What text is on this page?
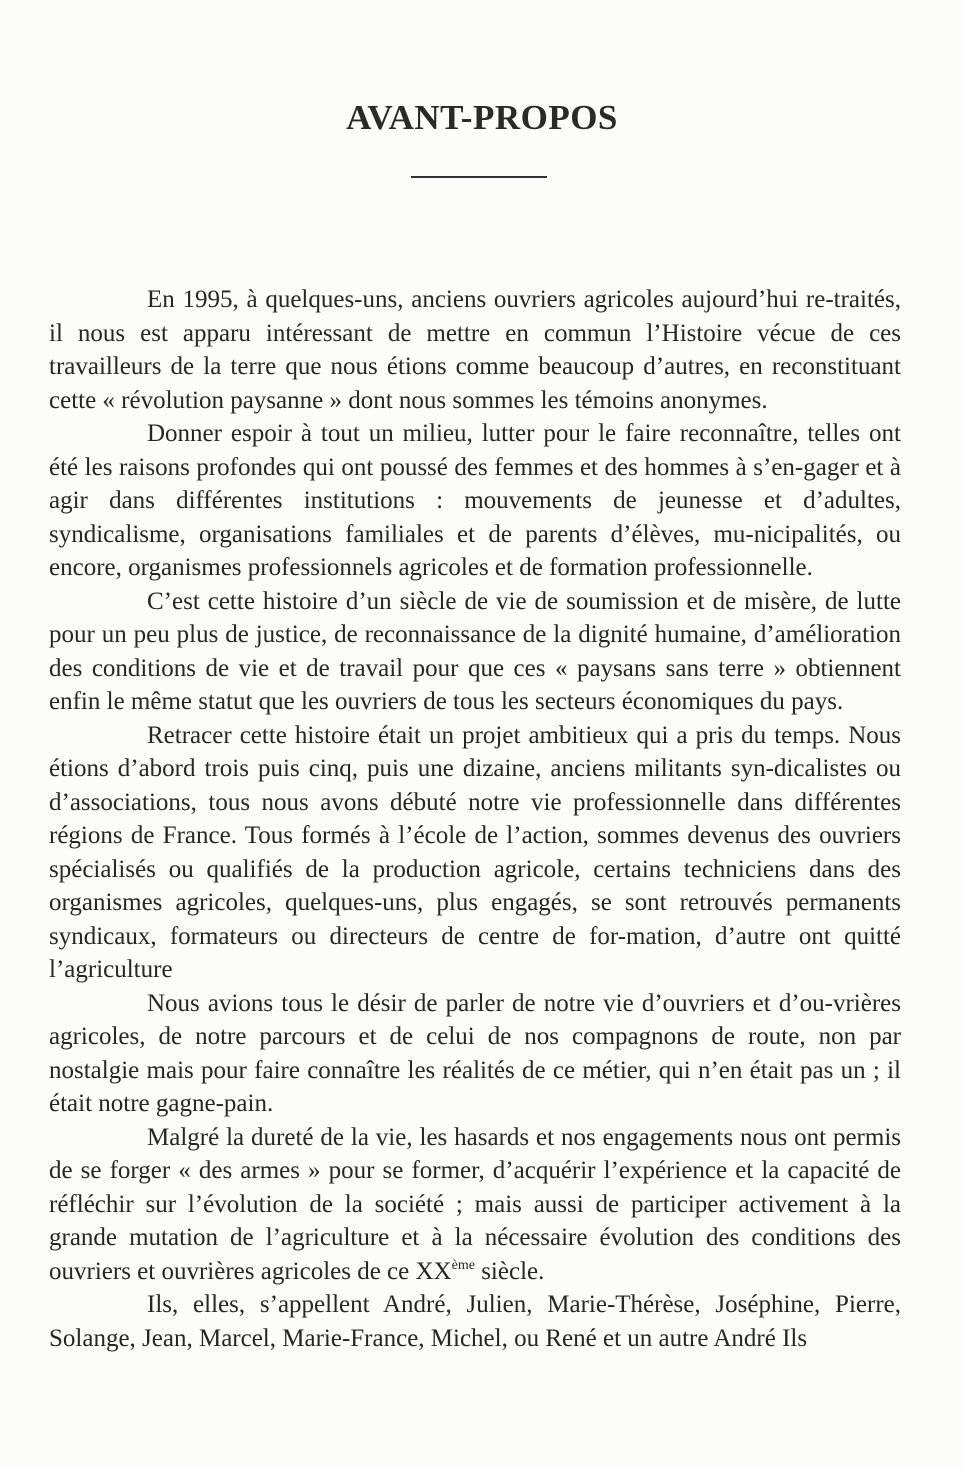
AVANT-PROPOS

En 1995, à quelques-uns, anciens ouvriers agricoles aujourd’hui re-traités, il nous est apparu intéressant de mettre en commun l’Histoire vécue de ces travailleurs de la terre que nous étions comme beaucoup d’autres, en reconstituant cette « révolution paysanne » dont nous sommes les témoins anonymes.

Donner espoir à tout un milieu, lutter pour le faire reconnaître, telles ont été les raisons profondes qui ont poussé des femmes et des hommes à s’en-gager et à agir dans différentes institutions : mouvements de jeunesse et d’adultes, syndicalisme, organisations familiales et de parents d’élèves, mu-nicipalités, ou encore, organismes professionnels agricoles et de formation professionnelle.

C’est cette histoire d’un siècle de vie de soumission et de misère, de lutte pour un peu plus de justice, de reconnaissance de la dignité humaine, d’amélioration des conditions de vie et de travail pour que ces « paysans sans terre » obtiennent enfin le même statut que les ouvriers de tous les secteurs économiques du pays.

Retracer cette histoire était un projet ambitieux qui a pris du temps. Nous étions d’abord trois puis cinq, puis une dizaine, anciens militants syn-dicalistes ou d’associations, tous nous avons débuté notre vie professionnelle dans différentes régions de France. Tous formés à l’école de l’action, sommes devenus des ouvriers spécialisés ou qualifiés de la production agricole, certains techniciens dans des organismes agricoles, quelques-uns, plus engagés, se sont retrouvés permanents syndicaux, formateurs ou directeurs de centre de for-mation, d’autre ont quitté l’agriculture

Nous avions tous le désir de parler de notre vie d’ouvriers et d’ou-vrières agricoles, de notre parcours et de celui de nos compagnons de route, non par nostalgie mais pour faire connaître les réalités de ce métier, qui n’en était pas un ; il était notre gagne-pain.

Malgré la dureté de la vie, les hasards et nos engagements nous ont permis de se forger « des armes » pour se former, d’acquérir l’expérience et la capacité de réfléchir sur l’évolution de la société ; mais aussi de participer activement à la grande mutation de l’agriculture et à la nécessaire évolution des conditions des ouvriers et ouvrières agricoles de ce XXème siècle.

Ils, elles, s’appellent André, Julien, Marie-Thérèse, Joséphine, Pierre, Solange, Jean, Marcel, Marie-France, Michel, ou René et un autre André Ils
